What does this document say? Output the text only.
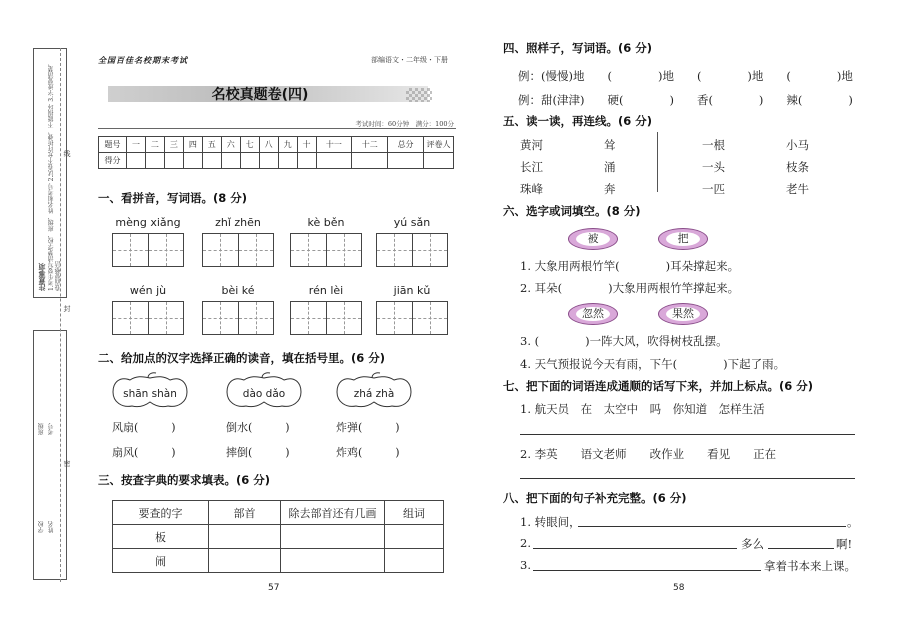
注意事项 1.考生要写清楚学校、班级、姓名和考号 2.试卷不允许折叠、不能损坏 3.字迹要清楚、卷面要整洁
学校 姓名
班级 考号
线
封
密
全国百佳名校期末考试	部编语文・二年级・下册
名校真题卷(四)
考试时间：60分钟　满分：100分
题号	一	二	三	四	五	六	七	八	九	十	十一	十二	总分	评卷人
得分														
一、看拼音，写词语。(8 分)
mèng xiǎng	zhǐ zhēn	kè běn	yú sǎn
wén jù	bèi ké	rén lèi	jiān kǔ
二、给加点的汉字选择正确的读音，填在括号里。(6 分)
shān shàn	dào dǎo	zhá zhà
风扇(　　　)	倒水(　　　)	炸弹(　　　)
扇风(　　　)	摔倒(　　　)	炸鸡(　　　)
三、按查字典的要求填表。(6 分)
要查的字	部首	除去部首还有几画	组词
板			
闹			
57
四、照样子，写词语。(6 分)
例：(慢慢)地　　(　　　　)地　　(　　　　)地　　(　　　　)地
例：甜(津津)　　硬(　　　　)　　香(　　　　)　　辣(　　　　)
五、读一读，再连线。(6 分)
黄河	耸
长江	涌
珠峰	奔
一根	小马
一头	枝条
一匹	老牛
六、选字或词填空。(8 分)
被	把
1. 大象用两根竹竿(　　　　)耳朵撑起来。
2. 耳朵(　　　　)大象用两根竹竿撑起来。
忽然	果然
3. (　　　　)一阵大风，吹得树枝乱摆。
4. 天气预报说今天有雨，下午(　　　　)下起了雨。
七、把下面的词语连成通顺的话写下来，并加上标点。(6 分)
1. 航天员　在　太空中　吗　你知道　怎样生活
2. 李英　　语文老师　　改作业　　看见　　正在
八、把下面的句子补充完整。(6 分)
1. 转眼间，	。
2.	多么	啊!
3.	拿着书本来上课。
58
